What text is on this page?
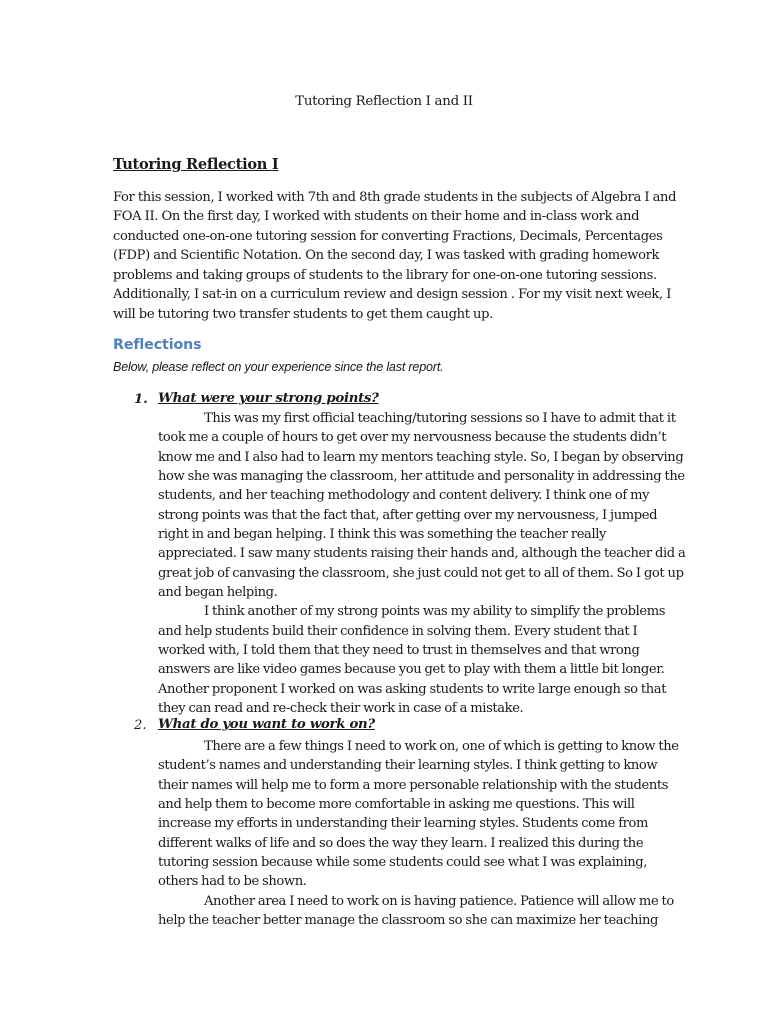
Tutoring Reflection I and II
Tutoring Reflection I
For this session, I worked with 7th and 8th grade students in the subjects of Algebra I and
FOA II. On the first day, I worked with students on their home and in-class work and
conducted one-on-one tutoring session for converting Fractions, Decimals, Percentages
(FDP) and Scientific Notation. On the second day, I was tasked with grading homework
problems and taking groups of students to the library for one-on-one tutoring sessions.
Additionally, I sat-in on a curriculum review and design session . For my visit next week, I
will be tutoring two transfer students to get them caught up.
Reflections
Below, please reflect on your experience since the last report.
1. What were your strong points?
This was my first official teaching/tutoring sessions so I have to admit that it
took me a couple of hours to get over my nervousness because the students didn’t
know me and I also had to learn my mentors teaching style. So, I began by observing
how she was managing the classroom, her attitude and personality in addressing the
students, and her teaching methodology and content delivery. I think one of my
strong points was that the fact that, after getting over my nervousness, I jumped
right in and began helping. I think this was something the teacher really
appreciated. I saw many students raising their hands and, although the teacher did a
great job of canvasing the classroom, she just could not get to all of them. So I got up
and began helping.
I think another of my strong points was my ability to simplify the problems
and help students build their confidence in solving them. Every student that I
worked with, I told them that they need to trust in themselves and that wrong
answers are like video games because you get to play with them a little bit longer.
Another proponent I worked on was asking students to write large enough so that
they can read and re-check their work in case of a mistake.
2. What do you want to work on?
There are a few things I need to work on, one of which is getting to know the
student’s names and understanding their learning styles. I think getting to know
their names will help me to form a more personable relationship with the students
and help them to become more comfortable in asking me questions. This will
increase my efforts in understanding their learning styles. Students come from
different walks of life and so does the way they learn. I realized this during the
tutoring session because while some students could see what I was explaining,
others had to be shown.
Another area I need to work on is having patience. Patience will allow me to
help the teacher better manage the classroom so she can maximize her teaching
